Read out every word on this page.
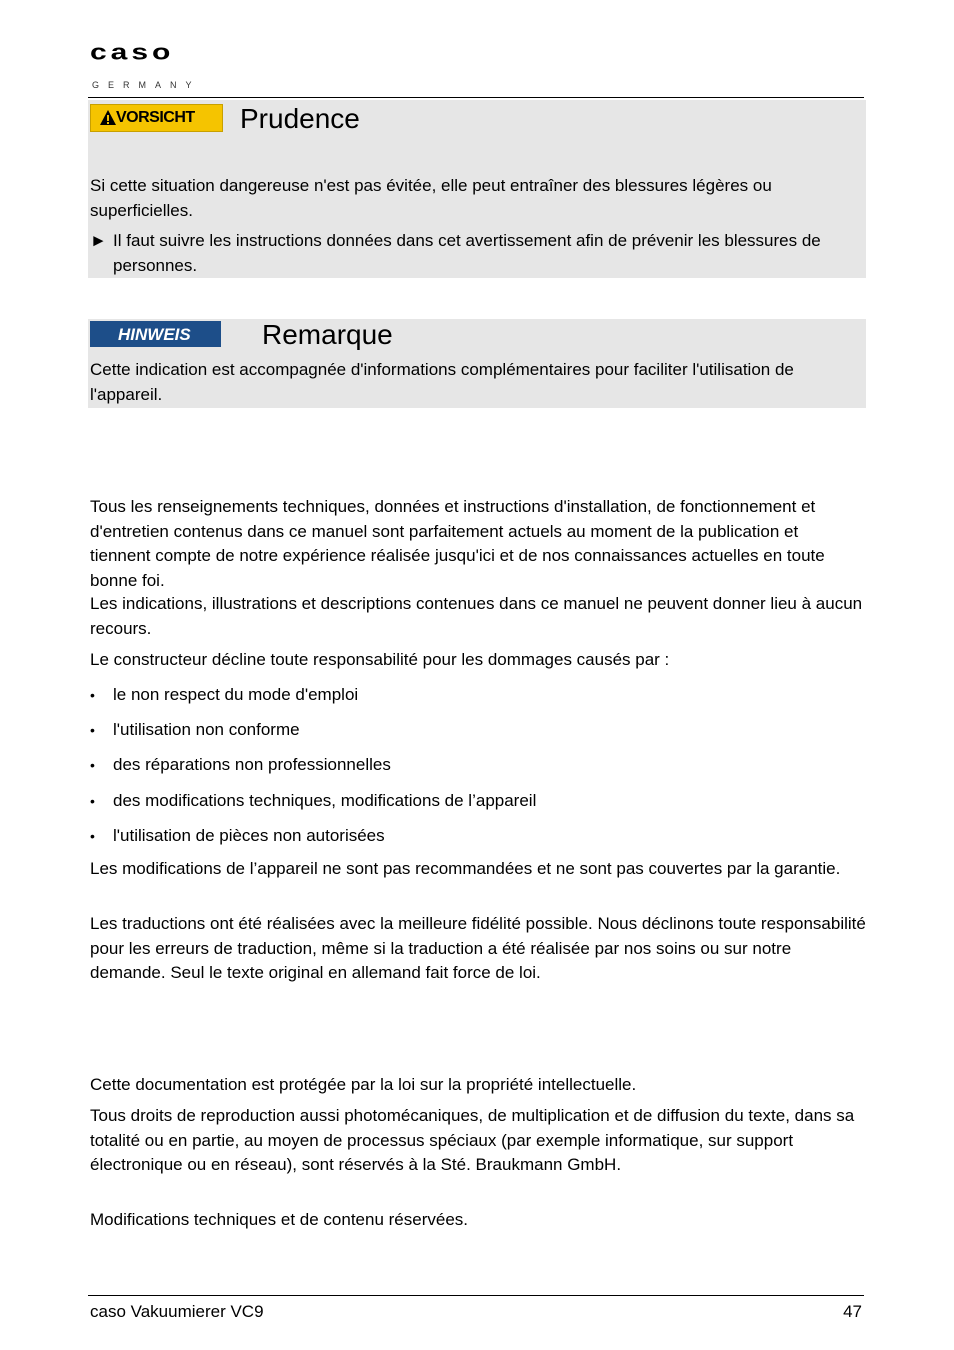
caso
GERMANY
VORSICHT Prudence
Si cette situation dangereuse n'est pas évitée, elle peut entraîner des blessures légères ou superficielles.
► Il faut suivre les instructions données dans cet avertissement afin de prévenir les blessures de personnes.
HINWEIS	Remarque
Cette indication est accompagnée d'informations complémentaires pour faciliter l'utilisation de l'appareil.
Tous les renseignements techniques, données et instructions d'installation, de fonctionnement et d'entretien contenus dans ce manuel sont parfaitement actuels au moment de la publication et tiennent compte de notre expérience réalisée jusqu'ici et de nos connaissances actuelles en toute bonne foi.
Les indications, illustrations et descriptions contenues dans ce manuel ne peuvent donner lieu à aucun recours.
Le constructeur décline toute responsabilité pour les dommages causés par :
• le non respect du mode d'emploi
• l'utilisation non conforme
• des réparations non professionnelles
• des modifications techniques, modifications de l’appareil
• l'utilisation de pièces non autorisées
Les modifications de l’appareil ne sont pas recommandées et ne sont pas couvertes par la garantie.
Les traductions ont été réalisées avec la meilleure fidélité possible. Nous déclinons toute responsabilité pour les erreurs de traduction, même si la traduction a été réalisée par nos soins ou sur notre demande. Seul le texte original en allemand fait force de loi.
Cette documentation est protégée par la loi sur la propriété intellectuelle.
Tous droits de reproduction aussi photomécaniques, de multiplication et de diffusion du texte, dans sa totalité ou en partie, au moyen de processus spéciaux (par exemple informatique, sur support électronique ou en réseau), sont réservés à la Sté. Braukmann GmbH.
Modifications techniques et de contenu réservées.
caso Vakuumierer VC9	47
